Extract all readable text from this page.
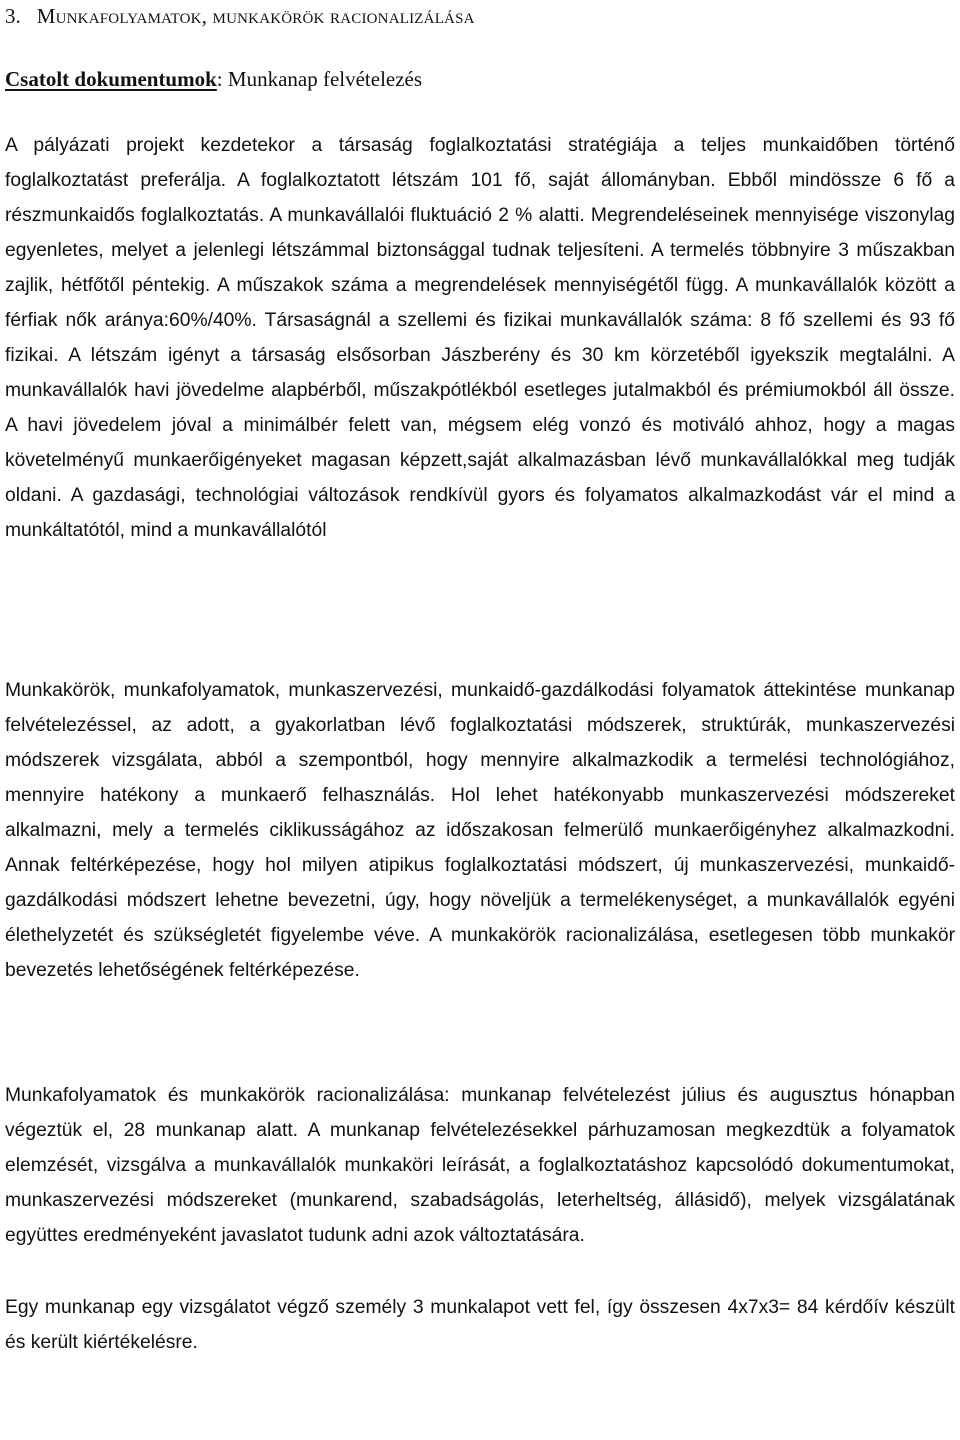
3. Munkafolyamatok, munkakörök racionalizálása
Csatolt dokumentumok: Munkanap felvételezés

A pályázati projekt kezdetekor a társaság foglalkoztatási stratégiája a teljes munkaidőben történő foglalkoztatást preferálja. A foglalkoztatott létszám 101 fő, saját állományban. Ebből mindössze 6 fő a részmunkaidős foglalkoztatás. A munkavállalói fluktuáció 2 % alatti. Megrendeléseinek mennyisége viszonylag egyenletes, melyet a jelenlegi létszámmal biztonsággal tudnak teljesíteni. A termelés többnyire 3 műszakban zajlik, hétfőtől péntekig. A műszakok száma a megrendelések mennyiségétől függ. A munkavállalók között a férfiak nők aránya:60%/40%. Társaságnál a szellemi és fizikai munkavállalók száma: 8 fő szellemi és 93 fő fizikai. A létszám igényt a társaság elsősorban Jászberény és 30 km körzetéből igyekszik megtalálni. A munkavállalók havi jövedelme alapbérből, műszakpótlékból esetleges jutalmakból és prémiumokból áll össze. A havi jövedelem jóval a minimálbér felett van, mégsem elég vonzó és motiváló ahhoz, hogy a magas követelményű munkaerőigényeket magasan képzett,saját alkalmazásban lévő munkavállalókkal meg tudják oldani. A gazdasági, technológiai változások rendkívül gyors és folyamatos alkalmazkodást vár el mind a munkáltatótól, mind a munkavállalótól

Munkakörök, munkafolyamatok, munkaszervezési, munkaidő-gazdálkodási folyamatok áttekintése munkanap felvételezéssel, az adott, a gyakorlatban lévő foglalkoztatási módszerek, struktúrák, munkaszervezési módszerek vizsgálata, abból a szempontból, hogy mennyire alkalmazkodik a termelési technológiához, mennyire hatékony a munkaerő felhasználás. Hol lehet hatékonyabb munkaszervezési módszereket alkalmazni, mely a termelés ciklikusságához az időszakosan felmerülő munkaerőigényhez alkalmazkodni. Annak feltérképezése, hogy hol milyen atipikus foglalkoztatási módszert, új munkaszervezési, munkaidő-gazdálkodási módszert lehetne bevezetni, úgy, hogy növeljük a termelékenységet, a munkavállalók egyéni élethelyzetét és szükségletét figyelembe véve. A munkakörök racionalizálása, esetlegesen több munkakör bevezetés lehetőségének feltérképezése.

Munkafolyamatok és munkakörök racionalizálása: munkanap felvételezést július és augusztus hónapban végeztük el, 28 munkanap alatt. A munkanap felvételezésekkel párhuzamosan megkezdtük a folyamatok elemzését, vizsgálva a munkavállalók munkaköri leírását, a foglalkoztatáshoz kapcsolódó dokumentumokat, munkaszervezési módszereket (munkarend, szabadságolás, leterheltség, állásidő), melyek vizsgálatának együttes eredményeként javaslatot tudunk adni azok változtatására.

Egy munkanap egy vizsgálatot végző személy 3 munkalapot vett fel, így összesen 4x7x3= 84 kérdőív készült és került kiértékelésre.
